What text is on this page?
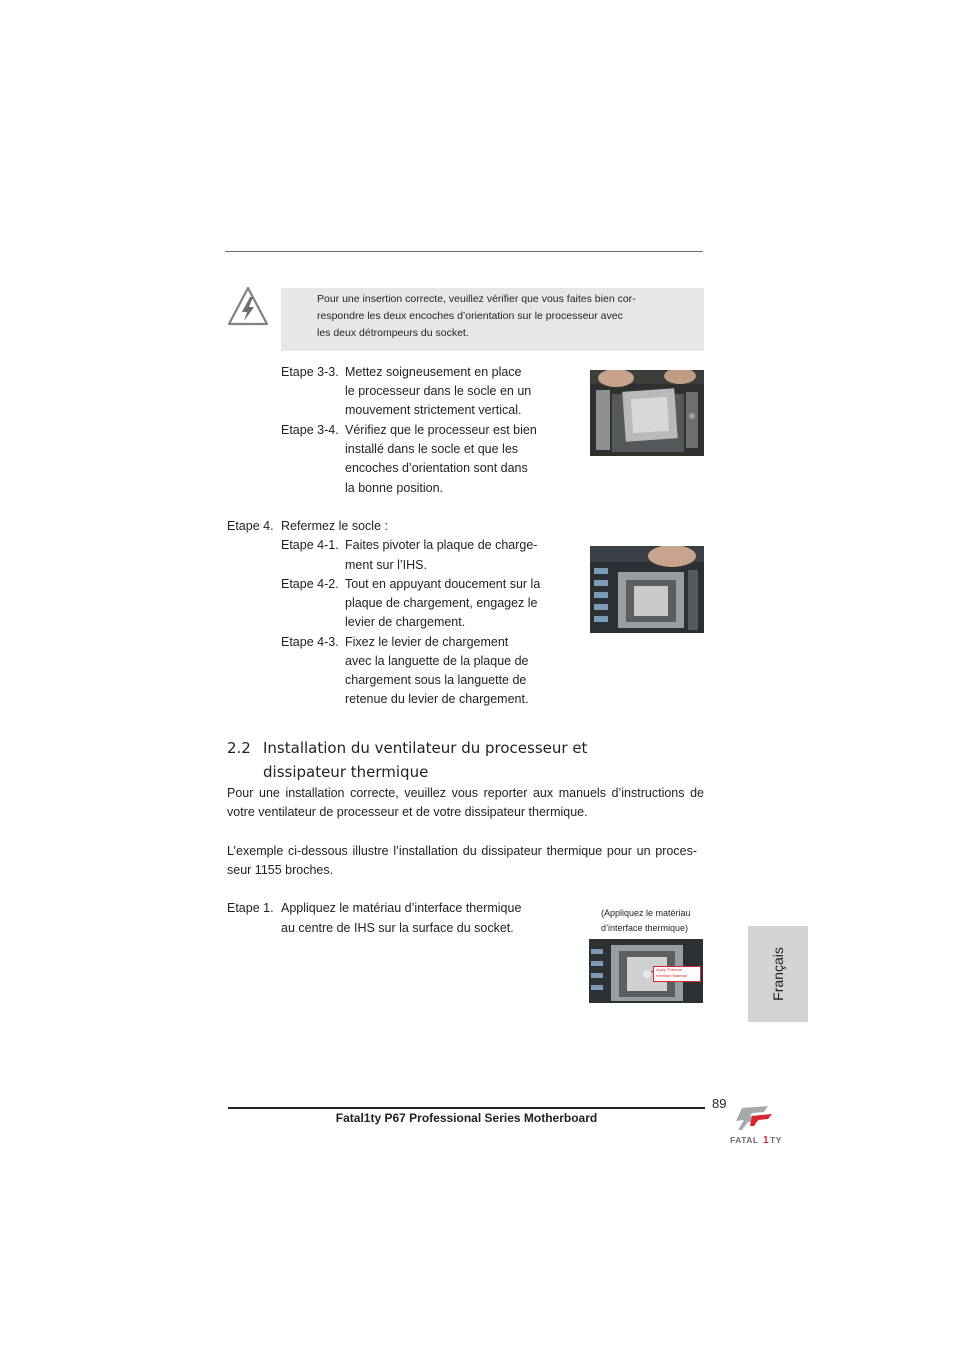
Pour une insertion correcte, veuillez vérifier que vous faites bien cor-
respondre les deux encoches d’orientation sur le processeur avec
les deux détrompeurs du socket.
Etape 3-3. Mettez soigneusement en place
le processeur dans le socle en un
mouvement strictement vertical.
Etape 3-4. Vérifiez que le processeur est bien
installé dans le socle et que les
encoches d’orientation sont dans
la bonne position.
Etape 4. Refermez le socle :
Etape 4-1. Faites pivoter la plaque de charge-
ment sur l’IHS.
Etape 4-2. Tout en appuyant doucement sur la
plaque de chargement, engagez le
levier de chargement.
Etape 4-3. Fixez le levier de chargement
avec la languette de la plaque de
chargement sous la languette de
retenue du levier de chargement.
2.2 Installation du ventilateur du processeur et
dissipateur thermique
Pour une installation correcte, veuillez vous reporter aux manuels d’instructions de
votre ventilateur de processeur et de votre dissipateur thermique.
L’exemple ci-dessous illustre l’installation du dissipateur thermique pour un proces-
seur 1155 broches.
Etape 1. Appliquez le matériau d’interface thermique
au centre de IHS sur la surface du socket.
(Appliquez le matériau
d’interface thermique)
Apply Thermal
Interface Material	Français
Fatal1ty P67 Professional Series Motherboard
89
FATAL 1 TY
